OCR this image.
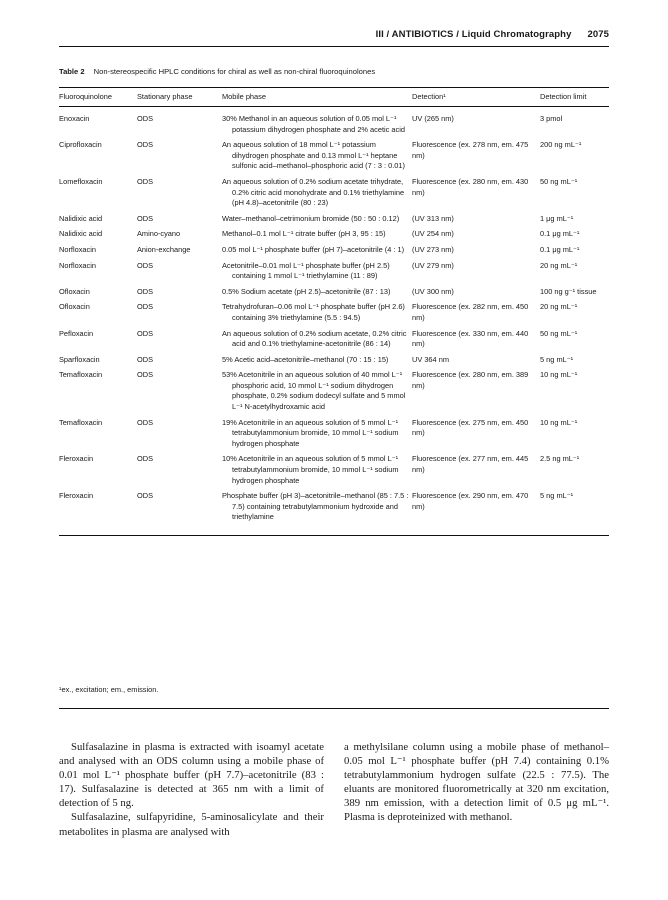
III / ANTIBIOTICS / Liquid Chromatography 2075
Table 2 Non-stereospecific HPLC conditions for chiral as well as non-chiral fluoroquinolones
Fluoroquinolone	Stationary phase	Mobile phase	Detection¹	Detection limit
Enoxacin	ODS	30% Methanol in an aqueous solution of 0.05 mol L⁻¹ potassium dihydrogen phosphate and 2% acetic acid	UV (265 nm)	3 pmol
Ciprofloxacin	ODS	An aqueous solution of 18 mmol L⁻¹ potassium dihydrogen phosphate and 0.13 mmol L⁻¹ heptane sulfonic acid–methanol–phosphoric acid (7 : 3 : 0.01)	Fluorescence (ex. 278 nm, em. 475 nm)	200 ng mL⁻¹
Lomefloxacin	ODS	An aqueous solution of 0.2% sodium acetate trihydrate, 0.2% citric acid monohydrate and 0.1% triethylamine (pH 4.8)–acetonitrile (80 : 23)	Fluorescence (ex. 280 nm, em. 430 nm)	50 ng mL⁻¹
Nalidixic acid	ODS	Water–methanol–cetrimonium bromide (50 : 50 : 0.12)	(UV 313 nm)	1 μg mL⁻¹
Nalidixic acid	Amino-cyano	Methanol–0.1 mol L⁻¹ citrate buffer (pH 3, 95 : 15)	(UV 254 nm)	0.1 μg mL⁻¹
Norfloxacin	Anion-exchange	0.05 mol L⁻¹ phosphate buffer (pH 7)–acetonitrile (4 : 1)	(UV 273 nm)	0.1 μg mL⁻¹
Norfloxacin	ODS	Acetonitrile–0.01 mol L⁻¹ phosphate buffer (pH 2.5) containing 1 mmol L⁻¹ triethylamine (11 : 89)	(UV 279 nm)	20 ng mL⁻¹
Ofloxacin	ODS	0.5% Sodium acetate (pH 2.5)–acetonitrile (87 : 13)	(UV 300 nm)	100 ng g⁻¹ tissue
Ofloxacin	ODS	Tetrahydrofuran–0.06 mol L⁻¹ phosphate buffer (pH 2.6) containing 3% triethylamine (5.5 : 94.5)	Fluorescence (ex. 282 nm, em. 450 nm)	20 ng mL⁻¹
Pefloxacin	ODS	An aqueous solution of 0.2% sodium acetate, 0.2% citric acid and 0.1% triethylamine-acetonitrile (86 : 14)	Fluorescence (ex. 330 nm, em. 440 nm)	50 ng mL⁻¹
Sparfloxacin	ODS	5% Acetic acid–acetonitrile–methanol (70 : 15 : 15)	UV 364 nm	5 ng mL⁻¹
Temafloxacin	ODS	53% Acetonitrile in an aqueous solution of 40 mmol L⁻¹ phosphoric acid, 10 mmol L⁻¹ sodium dihydrogen phosphate, 0.2% sodium dodecyl sulfate and 5 mmol L⁻¹ N-acetylhydroxamic acid	Fluorescence (ex. 280 nm, em. 389 nm)	10 ng mL⁻¹
Temafloxacin	ODS	19% Acetonitrile in an aqueous solution of 5 mmol L⁻¹ tetrabutylammonium bromide, 10 mmol L⁻¹ sodium hydrogen phosphate	Fluorescence (ex. 275 nm, em. 450 nm)	10 ng mL⁻¹
Fleroxacin	ODS	10% Acetonitrile in an aqueous solution of 5 mmol L⁻¹ tetrabutylammonium bromide, 10 mmol L⁻¹ sodium hydrogen phosphate	Fluorescence (ex. 277 nm, em. 445 nm)	2.5 ng mL⁻¹
Fleroxacin	ODS	Phosphate buffer (pH 3)–acetonitrile–methanol (85 : 7.5 : 7.5) containing tetrabutylammonium hydroxide and triethylamine	Fluorescence (ex. 290 nm, em. 470 nm)	5 ng mL⁻¹
¹ex., excitation; em., emission.

Sulfasalazine in plasma is extracted with isoamyl acetate and analysed with an ODS column using a mobile phase of 0.01 mol L⁻¹ phosphate buffer (pH 7.7)–acetonitrile (83 : 17). Sulfasalazine is detected at 365 nm with a limit of detection of 5 ng.

Sulfasalazine, sulfapyridine, 5-aminosalicylate and their metabolites in plasma are analysed with

a methylsilane column using a mobile phase of methanol–0.05 mol L⁻¹ phosphate buffer (pH 7.4) containing 0.1% tetrabutylammonium hydrogen sulfate (22.5 : 77.5). The eluants are monitored fluorometrically at 320 nm excitation, 389 nm emission, with a detection limit of 0.5 μg mL⁻¹. Plasma is deproteinized with methanol.
